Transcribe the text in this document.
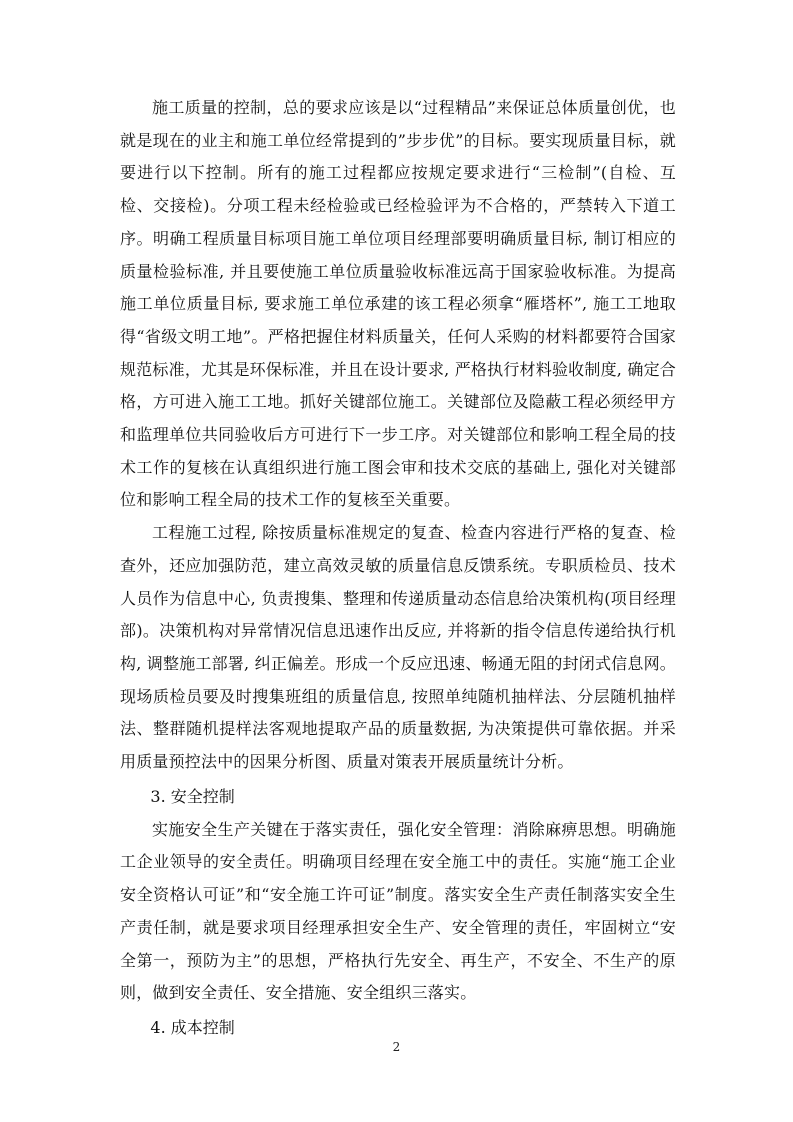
施工质量的控制，总的要求应该是以“过程精品”来保证总体质量创优，也就是现在的业主和施工单位经常提到的”步步优”的目标。要实现质量目标，就要进行以下控制。所有的施工过程都应按规定要求进行“三检制”(自检、互检、交接检)。分项工程未经检验或已经检验评为不合格的，严禁转入下道工序。明确工程质量目标项目施工单位项目经理部要明确质量目标, 制订相应的质量检验标准, 并且要使施工单位质量验收标准远高于国家验收标准。为提高施工单位质量目标, 要求施工单位承建的该工程必须拿“雁塔杯”, 施工工地取得“省级文明工地”。严格把握住材料质量关，任何人采购的材料都要符合国家规范标准，尤其是环保标准，并且在设计要求, 严格执行材料验收制度, 确定合格，方可进入施工工地。抓好关键部位施工。关键部位及隐蔽工程必须经甲方和监理单位共同验收后方可进行下一步工序。对关键部位和影响工程全局的技术工作的复核在认真组织进行施工图会审和技术交底的基础上, 强化对关键部位和影响工程全局的技术工作的复核至关重要。

工程施工过程, 除按质量标准规定的复查、检查内容进行严格的复查、检查外，还应加强防范，建立高效灵敏的质量信息反馈系统。专职质检员、技术人员作为信息中心, 负责搜集、整理和传递质量动态信息给决策机构(项目经理部)。决策机构对异常情况信息迅速作出反应, 并将新的指令信息传递给执行机构, 调整施工部署, 纠正偏差。形成一个反应迅速、畅通无阻的封闭式信息网。现场质检员要及时搜集班组的质量信息, 按照单纯随机抽样法、分层随机抽样法、整群随机提样法客观地提取产品的质量数据, 为决策提供可靠依据。并采用质量预控法中的因果分析图、质量对策表开展质量统计分析。

3. 安全控制

实施安全生产关键在于落实责任，强化安全管理：消除麻痹思想。明确施工企业领导的安全责任。明确项目经理在安全施工中的责任。实施“施工企业安全资格认可证”和“安全施工许可证”制度。落实安全生产责任制落实安全生产责任制，就是要求项目经理承担安全生产、安全管理的责任，牢固树立“安全第一，预防为主”的思想，严格执行先安全、再生产，不安全、不生产的原则，做到安全责任、安全措施、安全组织三落实。

4. 成本控制

2
